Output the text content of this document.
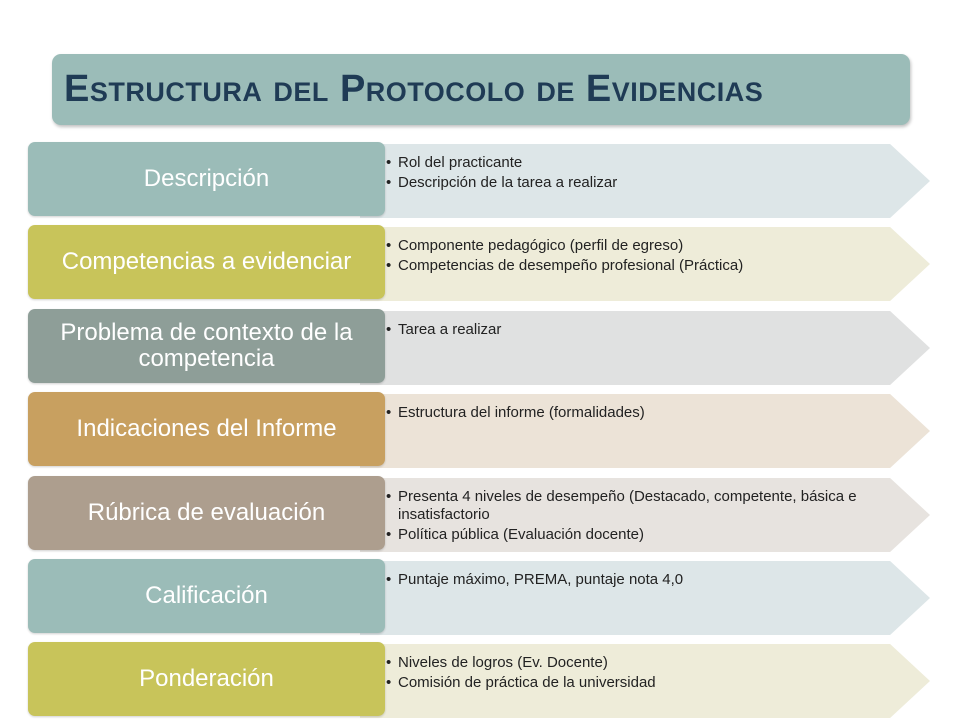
Estructura del Protocolo de Evidencias
Descripción
• Rol del practicante
• Descripción de la tarea a realizar
Competencias a evidenciar
• Componente pedagógico (perfil de egreso)
• Competencias de desempeño profesional (Práctica)
Problema de contexto de la competencia
• Tarea a realizar
Indicaciones del Informe
• Estructura del informe (formalidades)
Rúbrica de evaluación
• Presenta 4 niveles de desempeño (Destacado, competente, básica e insatisfactorio
• Política pública (Evaluación docente)
Calificación
• Puntaje máximo, PREMA, puntaje nota 4,0
Ponderación
• Niveles de logros (Ev. Docente)
• Comisión de práctica de la universidad
